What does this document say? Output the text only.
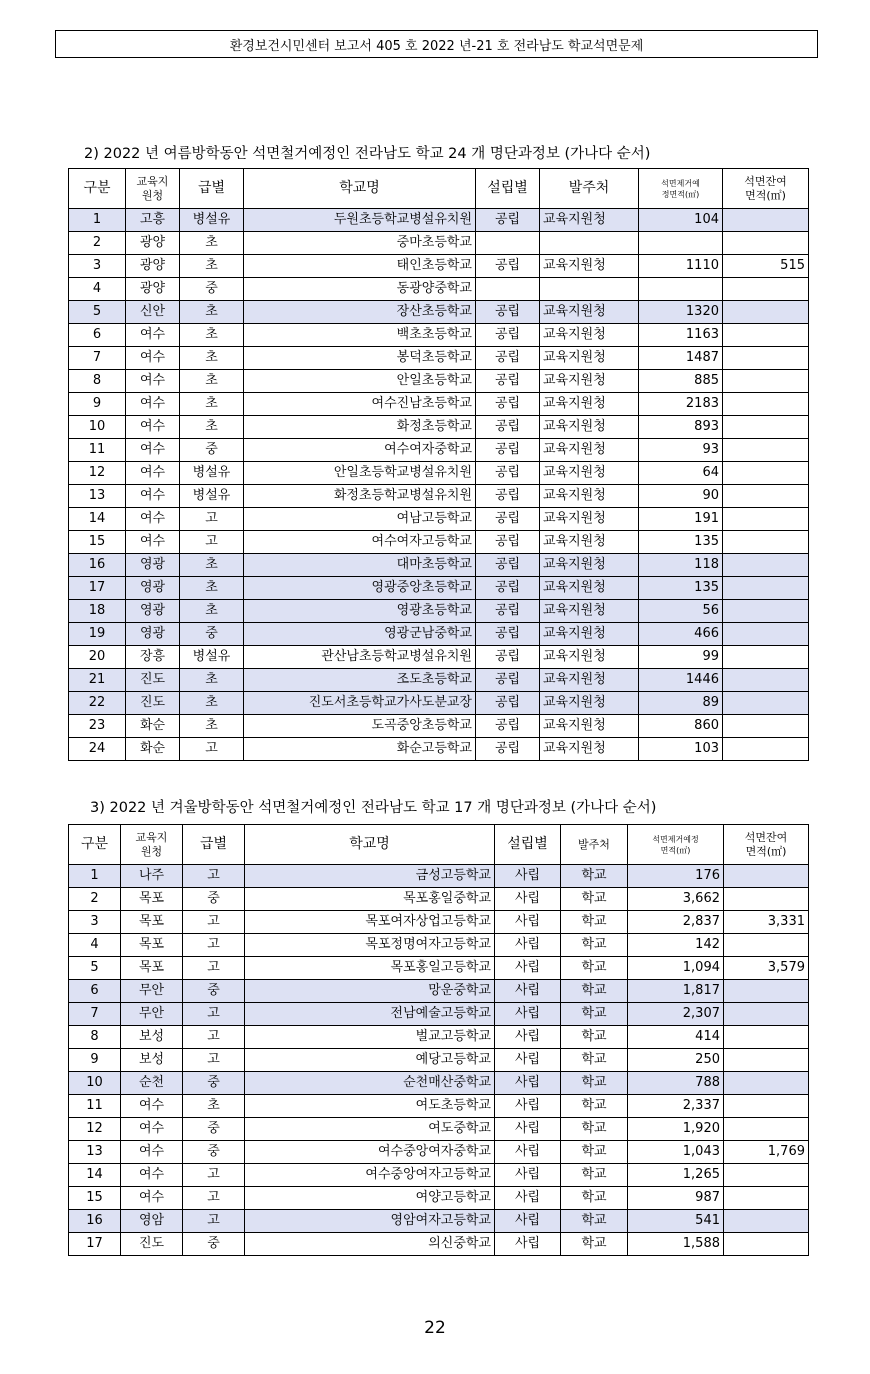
환경보건시민센터 보고서 405 호 2022 년-21 호 전라남도 학교석면문제
2) 2022 년 여름방학동안 석면철거예정인 전라남도 학교 24 개 명단과정보 (가나다 순서)
구분	교육지
원청	급별	학교명	설립별	발주처	석면제거예
정면적(㎡)	석면잔여
면적(㎡)

1	고흥	병설유	두원초등학교병설유치원	공립	교육지원청	104	
2	광양	초	중마초등학교				
3	광양	초	태인초등학교	공립	교육지원청	1110	515
4	광양	중	동광양중학교				
5	신안	초	장산초등학교	공립	교육지원청	1320	
6	여수	초	백초초등학교	공립	교육지원청	1163	
7	여수	초	봉덕초등학교	공립	교육지원청	1487	
8	여수	초	안일초등학교	공립	교육지원청	885	
9	여수	초	여수진남초등학교	공립	교육지원청	2183	
10	여수	초	화정초등학교	공립	교육지원청	893	
11	여수	중	여수여자중학교	공립	교육지원청	93	
12	여수	병설유	안일초등학교병설유치원	공립	교육지원청	64	
13	여수	병설유	화정초등학교병설유치원	공립	교육지원청	90	
14	여수	고	여남고등학교	공립	교육지원청	191	
15	여수	고	여수여자고등학교	공립	교육지원청	135	
16	영광	초	대마초등학교	공립	교육지원청	118	
17	영광	초	영광중앙초등학교	공립	교육지원청	135	
18	영광	초	영광초등학교	공립	교육지원청	56	
19	영광	중	영광군남중학교	공립	교육지원청	466	
20	장흥	병설유	관산남초등학교병설유치원	공립	교육지원청	99	
21	진도	초	조도초등학교	공립	교육지원청	1446	
22	진도	초	진도서초등학교가사도분교장	공립	교육지원청	89	
23	화순	초	도곡중앙초등학교	공립	교육지원청	860	
24	화순	고	화순고등학교	공립	교육지원청	103	
3) 2022 년 겨울방학동안 석면철거예정인 전라남도 학교 17 개 명단과정보 (가나다 순서)
구분	교육지
원청	급별	학교명	설립별	발주처	석면제거예정
면적(㎡)	석면잔여
면적(㎡)

1	나주	고	금성고등학교	사립	학교	176	
2	목포	중	목포홍일중학교	사립	학교	3,662	
3	목포	고	목포여자상업고등학교	사립	학교	2,837	3,331
4	목포	고	목포정명여자고등학교	사립	학교	142	
5	목포	고	목포홍일고등학교	사립	학교	1,094	3,579
6	무안	중	망운중학교	사립	학교	1,817	
7	무안	고	전남예술고등학교	사립	학교	2,307	
8	보성	고	벌교고등학교	사립	학교	414	
9	보성	고	예당고등학교	사립	학교	250	
10	순천	중	순천매산중학교	사립	학교	788	
11	여수	초	여도초등학교	사립	학교	2,337	
12	여수	중	여도중학교	사립	학교	1,920	
13	여수	중	여수중앙여자중학교	사립	학교	1,043	1,769
14	여수	고	여수중앙여자고등학교	사립	학교	1,265	
15	여수	고	여양고등학교	사립	학교	987	
16	영암	고	영암여자고등학교	사립	학교	541	
17	진도	중	의신중학교	사립	학교	1,588	
22
